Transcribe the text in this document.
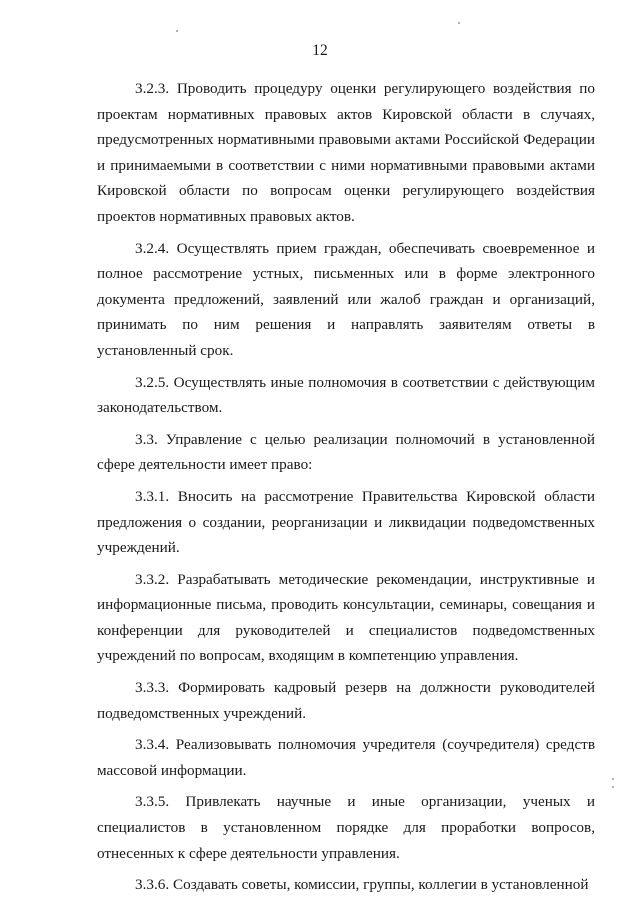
12

3.2.3. Проводить процедуру оценки регулирующего воздействия по проектам нормативных правовых актов Кировской области в случаях, предусмотренных нормативными правовыми актами Российской Федерации и принимаемыми в соответствии с ними нормативными правовыми актами Кировской области по вопросам оценки регулирующего воздействия проектов нормативных правовых актов.

3.2.4. Осуществлять прием граждан, обеспечивать своевременное и полное рассмотрение устных, письменных или в форме электронного документа предложений, заявлений или жалоб граждан и организаций, принимать по ним решения и направлять заявителям ответы в установленный срок.

3.2.5. Осуществлять иные полномочия в соответствии с действующим законодательством.

3.3. Управление с целью реализации полномочий в установленной сфере деятельности имеет право:

3.3.1. Вносить на рассмотрение Правительства Кировской области предложения о создании, реорганизации и ликвидации подведомственных учреждений.

3.3.2. Разрабатывать методические рекомендации, инструктивные и информационные письма, проводить консультации, семинары, совещания и конференции для руководителей и специалистов подведомственных учреждений по вопросам, входящим в компетенцию управления.

3.3.3. Формировать кадровый резерв на должности руководителей подведомственных учреждений.

3.3.4. Реализовывать полномочия учредителя (соучредителя) средств массовой информации.

3.3.5. Привлекать научные и иные организации, ученых и специалистов в установленном порядке для проработки вопросов, отнесенных к сфере деятельности управления.

3.3.6. Создавать советы, комиссии, группы, коллегии в установленной
